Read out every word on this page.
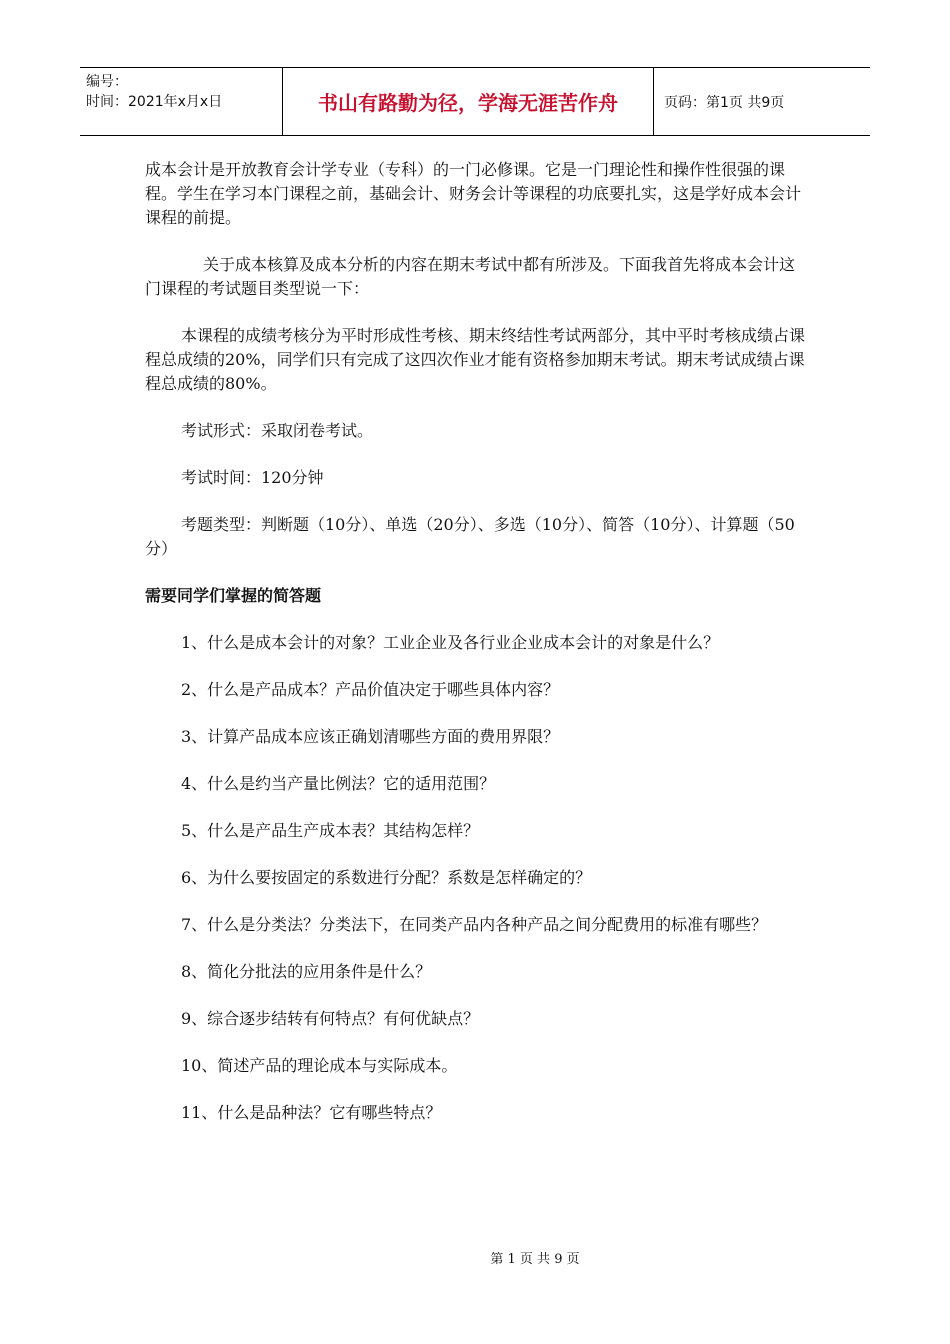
编号：
时间：2021年x月x日	书山有路勤为径，学海无涯苦作舟	页码：第1页 共9页

成本会计是开放教育会计学专业（专科）的一门必修课。它是一门理论性和操作性很强的课程。学生在学习本门课程之前，基础会计、财务会计等课程的功底要扎实，这是学好成本会计课程的前提。

关于成本核算及成本分析的内容在期末考试中都有所涉及。下面我首先将成本会计这门课程的考试题目类型说一下：

本课程的成绩考核分为平时形成性考核、期末终结性考试两部分，其中平时考核成绩占课程总成绩的20%，同学们只有完成了这四次作业才能有资格参加期末考试。期末考试成绩占课程总成绩的80%。

考试形式：采取闭卷考试。

考试时间：120分钟

考题类型：判断题（10分）、单选（20分）、多选（10分）、简答（10分）、计算题（50分）

需要同学们掌握的简答题

1、什么是成本会计的对象？工业企业及各行业企业成本会计的对象是什么？

2、什么是产品成本？产品价值决定于哪些具体内容？

3、计算产品成本应该正确划清哪些方面的费用界限？

4、什么是约当产量比例法？它的适用范围？

5、什么是产品生产成本表？其结构怎样？

6、为什么要按固定的系数进行分配？系数是怎样确定的？

7、什么是分类法？分类法下，在同类产品内各种产品之间分配费用的标准有哪些？

8、简化分批法的应用条件是什么？

9、综合逐步结转有何特点？有何优缺点？

10、简述产品的理论成本与实际成本。

11、什么是品种法？它有哪些特点？

第 1 页 共 9 页
